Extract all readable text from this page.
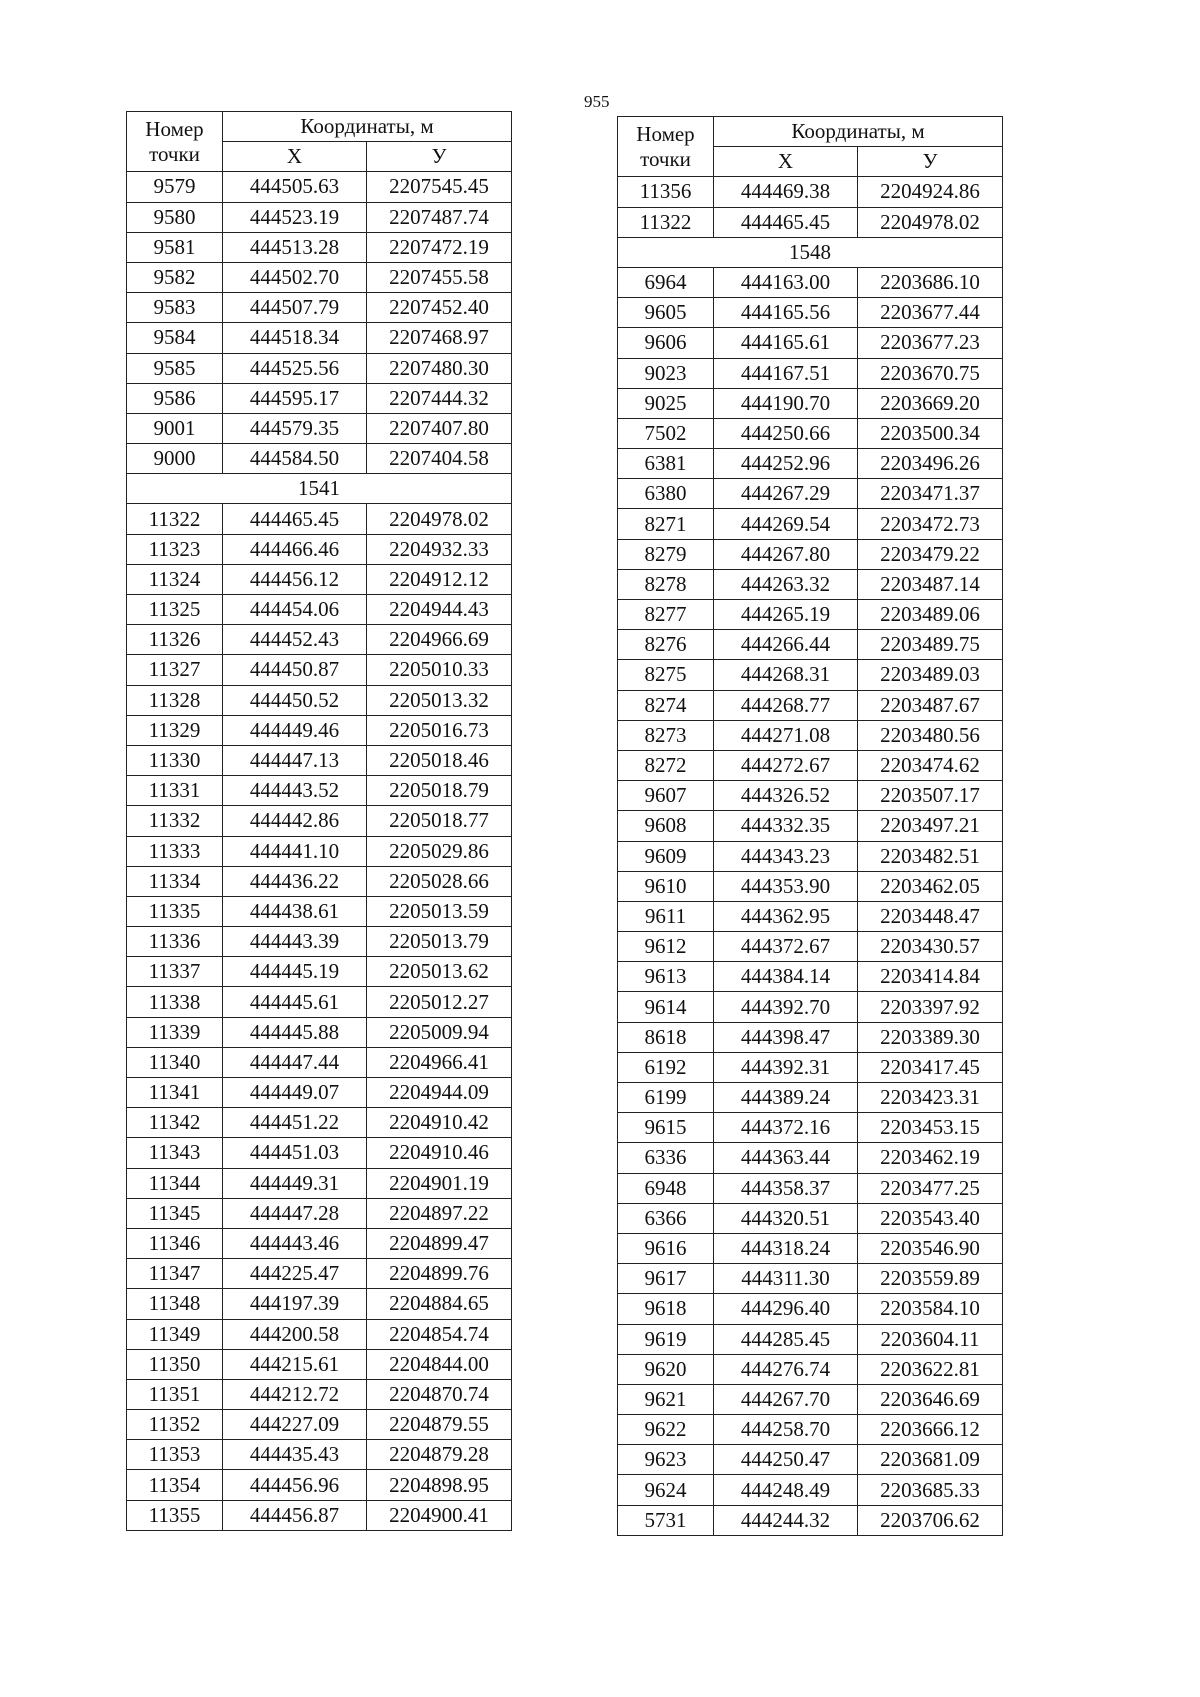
955
Номер точки	Координаты, м	
	X	У
9579	444505.63	2207545.45
9580	444523.19	2207487.74
9581	444513.28	2207472.19
9582	444502.70	2207455.58
9583	444507.79	2207452.40
9584	444518.34	2207468.97
9585	444525.56	2207480.30
9586	444595.17	2207444.32
9001	444579.35	2207407.80
9000	444584.50	2207404.58
1541		
11322	444465.45	2204978.02
11323	444466.46	2204932.33
11324	444456.12	2204912.12
11325	444454.06	2204944.43
11326	444452.43	2204966.69
11327	444450.87	2205010.33
11328	444450.52	2205013.32
11329	444449.46	2205016.73
11330	444447.13	2205018.46
11331	444443.52	2205018.79
11332	444442.86	2205018.77
11333	444441.10	2205029.86
11334	444436.22	2205028.66
11335	444438.61	2205013.59
11336	444443.39	2205013.79
11337	444445.19	2205013.62
11338	444445.61	2205012.27
11339	444445.88	2205009.94
11340	444447.44	2204966.41
11341	444449.07	2204944.09
11342	444451.22	2204910.42
11343	444451.03	2204910.46
11344	444449.31	2204901.19
11345	444447.28	2204897.22
11346	444443.46	2204899.47
11347	444225.47	2204899.76
11348	444197.39	2204884.65
11349	444200.58	2204854.74
11350	444215.61	2204844.00
11351	444212.72	2204870.74
11352	444227.09	2204879.55
11353	444435.43	2204879.28
11354	444456.96	2204898.95
11355	444456.87	2204900.41
Номер точки	Координаты, м	
	X	У
11356	444469.38	2204924.86
11322	444465.45	2204978.02
1548		
6964	444163.00	2203686.10
9605	444165.56	2203677.44
9606	444165.61	2203677.23
9023	444167.51	2203670.75
9025	444190.70	2203669.20
7502	444250.66	2203500.34
6381	444252.96	2203496.26
6380	444267.29	2203471.37
8271	444269.54	2203472.73
8279	444267.80	2203479.22
8278	444263.32	2203487.14
8277	444265.19	2203489.06
8276	444266.44	2203489.75
8275	444268.31	2203489.03
8274	444268.77	2203487.67
8273	444271.08	2203480.56
8272	444272.67	2203474.62
9607	444326.52	2203507.17
9608	444332.35	2203497.21
9609	444343.23	2203482.51
9610	444353.90	2203462.05
9611	444362.95	2203448.47
9612	444372.67	2203430.57
9613	444384.14	2203414.84
9614	444392.70	2203397.92
8618	444398.47	2203389.30
6192	444392.31	2203417.45
6199	444389.24	2203423.31
9615	444372.16	2203453.15
6336	444363.44	2203462.19
6948	444358.37	2203477.25
6366	444320.51	2203543.40
9616	444318.24	2203546.90
9617	444311.30	2203559.89
9618	444296.40	2203584.10
9619	444285.45	2203604.11
9620	444276.74	2203622.81
9621	444267.70	2203646.69
9622	444258.70	2203666.12
9623	444250.47	2203681.09
9624	444248.49	2203685.33
5731	444244.32	2203706.62
